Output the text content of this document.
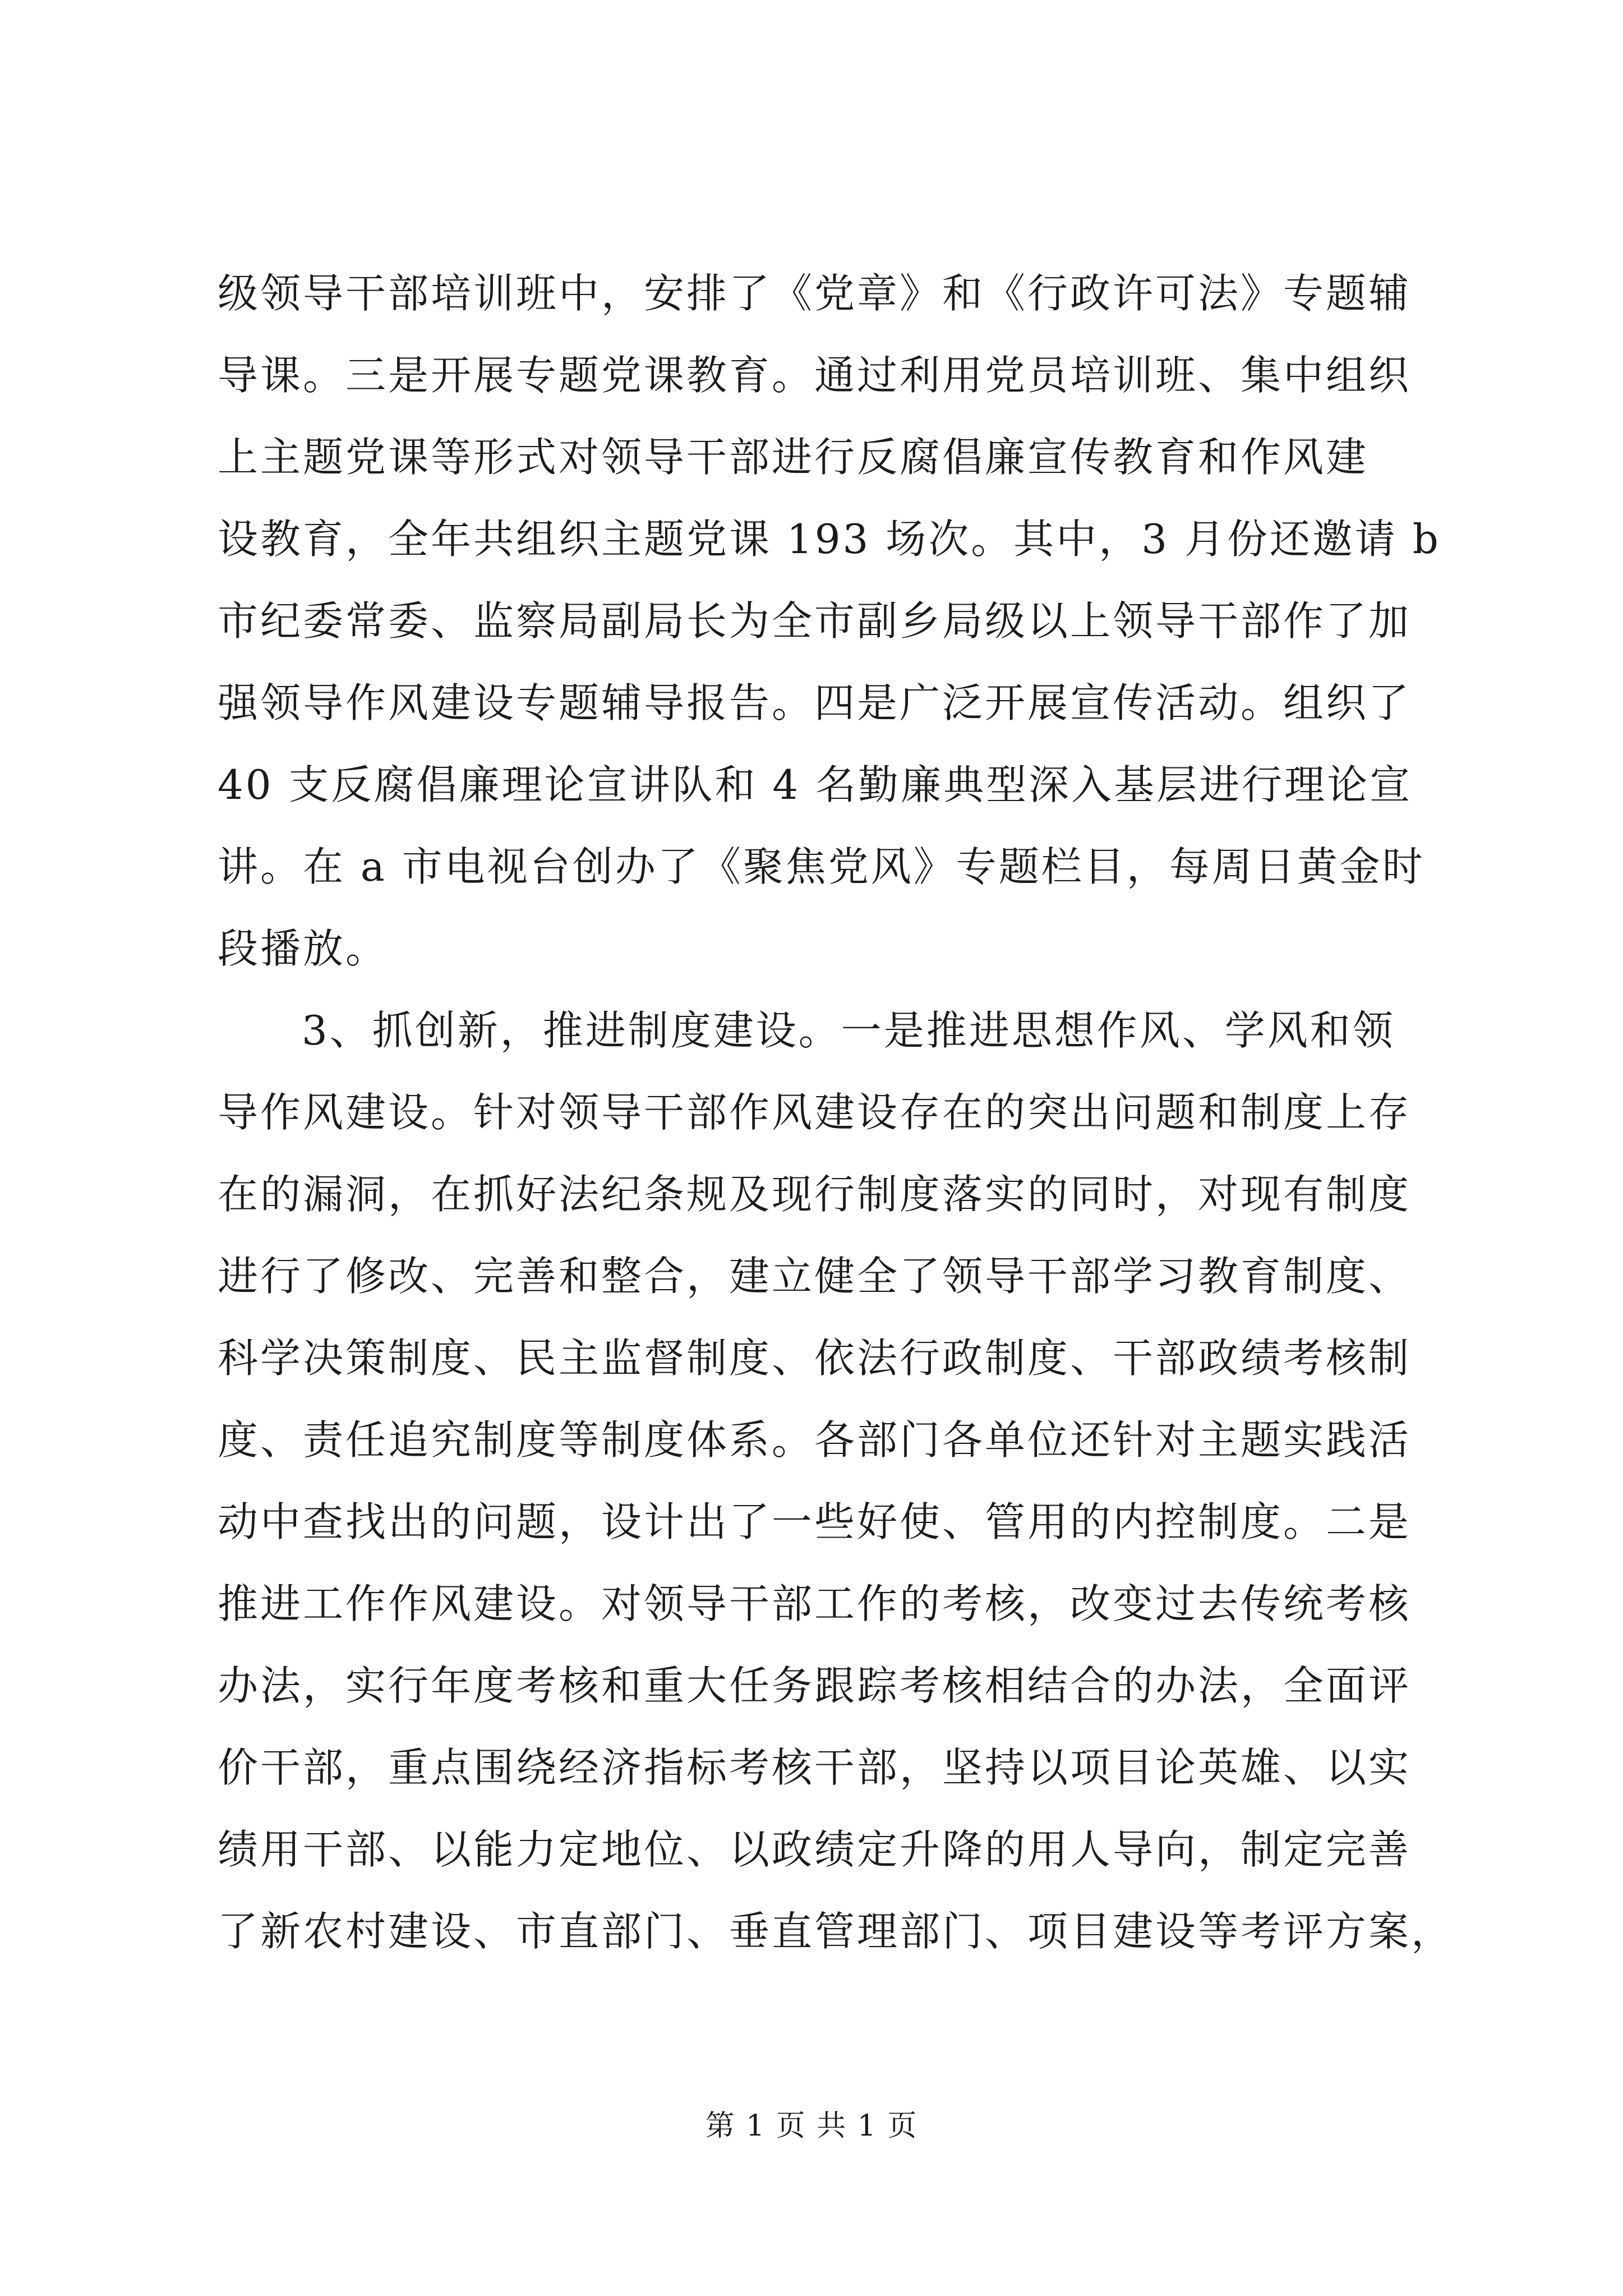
级领导干部培训班中，安排了《党章》和《行政许可法》专题辅
导课。三是开展专题党课教育。通过利用党员培训班、集中组织
上主题党课等形式对领导干部进行反腐倡廉宣传教育和作风建
设教育，全年共组织主题党课 193 场次。其中，3 月份还邀请 b
市纪委常委、监察局副局长为全市副乡局级以上领导干部作了加
强领导作风建设专题辅导报告。四是广泛开展宣传活动。组织了
40 支反腐倡廉理论宣讲队和 4 名勤廉典型深入基层进行理论宣
讲。在 a 市电视台创办了《聚焦党风》专题栏目，每周日黄金时
段播放。
3、抓创新，推进制度建设。一是推进思想作风、学风和领
导作风建设。针对领导干部作风建设存在的突出问题和制度上存
在的漏洞，在抓好法纪条规及现行制度落实的同时，对现有制度
进行了修改、完善和整合，建立健全了领导干部学习教育制度、
科学决策制度、民主监督制度、依法行政制度、干部政绩考核制
度、责任追究制度等制度体系。各部门各单位还针对主题实践活
动中查找出的问题，设计出了一些好使、管用的内控制度。二是
推进工作作风建设。对领导干部工作的考核，改变过去传统考核
办法，实行年度考核和重大任务跟踪考核相结合的办法，全面评
价干部，重点围绕经济指标考核干部，坚持以项目论英雄、以实
绩用干部、以能力定地位、以政绩定升降的用人导向，制定完善
了新农村建设、市直部门、垂直管理部门、项目建设等考评方案，
第 1 页 共 1 页
